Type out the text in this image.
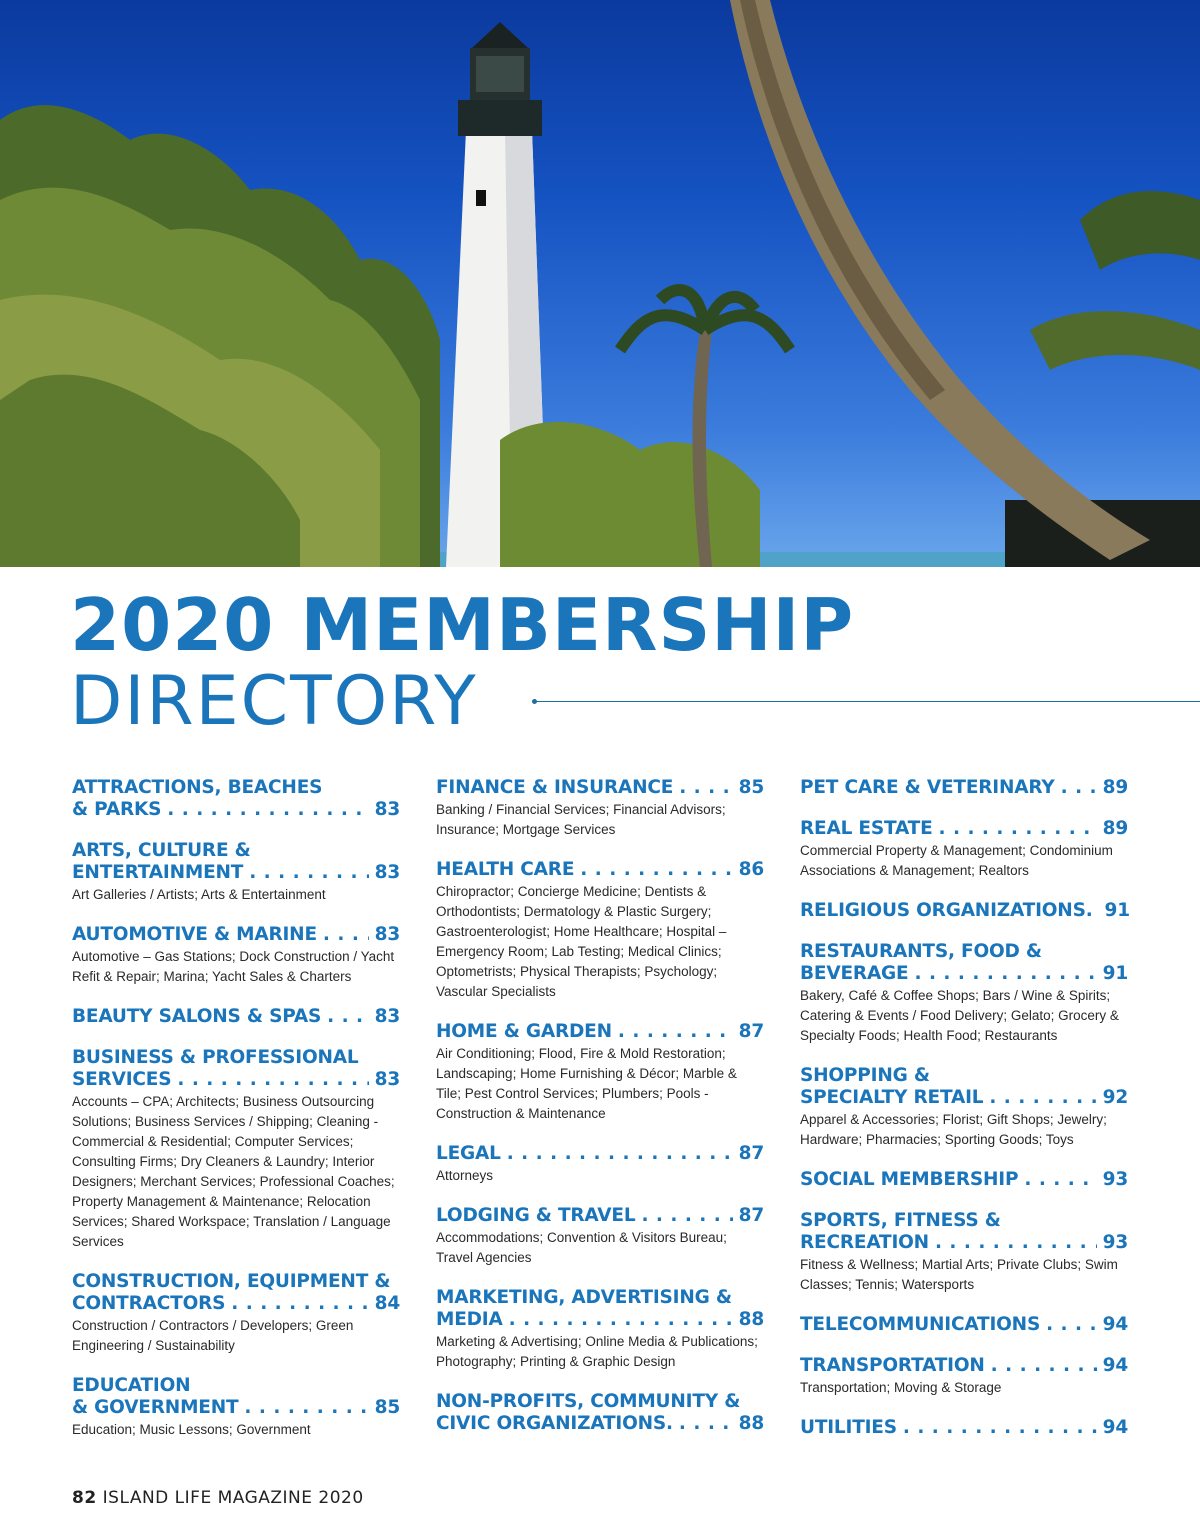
2020 MEMBERSHIP
DIRECTORY
ATTRACTIONS, BEACHES
& PARKS . . .	83
ARTS, CULTURE &
ENTERTAINMENT . . .	83
Art Galleries / Artists; Arts & Entertainment
AUTOMOTIVE & MARINE . . .	83
Automotive – Gas Stations; Dock Construction / Yacht Refit & Repair; Marina; Yacht Sales & Charters
BEAUTY SALONS & SPAS . . .	83
BUSINESS & PROFESSIONAL
SERVICES . . .	83
Accounts – CPA; Architects; Business Outsourcing Solutions; Business Services / Shipping; Cleaning - Commercial & Residential; Computer Services; Consulting Firms; Dry Cleaners & Laundry; Interior Designers; Merchant Services; Professional Coaches; Property Management & Maintenance; Relocation Services; Shared Workspace; Translation / Language Services
CONSTRUCTION, EQUIPMENT &
CONTRACTORS . . .	84
Construction / Contractors / Developers; Green Engineering / Sustainability
EDUCATION
& GOVERNMENT . . .	85
Education; Music Lessons; Government
FINANCE & INSURANCE . . .	85
Banking / Financial Services; Financial Advisors; Insurance; Mortgage Services
HEALTH CARE . . .	86
Chiropractor; Concierge Medicine; Dentists & Orthodontists; Dermatology & Plastic Surgery; Gastroenterologist; Home Healthcare; Hospital – Emergency Room; Lab Testing; Medical Clinics; Optometrists; Physical Therapists; Psychology; Vascular Specialists
HOME & GARDEN . . .	87
Air Conditioning; Flood, Fire & Mold Restoration; Landscaping; Home Furnishing & Décor; Marble & Tile; Pest Control Services; Plumbers; Pools - Construction & Maintenance
LEGAL . . .	87
Attorneys
LODGING & TRAVEL . . .	87
Accommodations; Convention & Visitors Bureau; Travel Agencies
MARKETING, ADVERTISING &
MEDIA . . .	88
Marketing & Advertising; Online Media & Publications; Photography; Printing & Graphic Design
NON-PROFITS, COMMUNITY &
CIVIC ORGANIZATIONS. . . .	88
PET CARE & VETERINARY . . .	89
REAL ESTATE . . .	89
Commercial Property & Management; Condominium Associations & Management; Realtors
RELIGIOUS ORGANIZATIONS. 91
RESTAURANTS, FOOD &
BEVERAGE . . .	91
Bakery, Café & Coffee Shops; Bars / Wine & Spirits; Catering & Events / Food Delivery; Gelato; Grocery & Specialty Foods; Health Food; Restaurants
SHOPPING &
SPECIALTY RETAIL . . .	92
Apparel & Accessories; Florist; Gift Shops; Jewelry; Hardware; Pharmacies; Sporting Goods; Toys
SOCIAL MEMBERSHIP . . .	93
SPORTS, FITNESS &
RECREATION . . .	93
Fitness & Wellness; Martial Arts; Private Clubs; Swim Classes; Tennis; Watersports
TELECOMMUNICATIONS . . .	94
TRANSPORTATION . . .	94
Transportation; Moving & Storage
UTILITIES . . .	94
82 ISLAND LIFE MAGAZINE 2020
